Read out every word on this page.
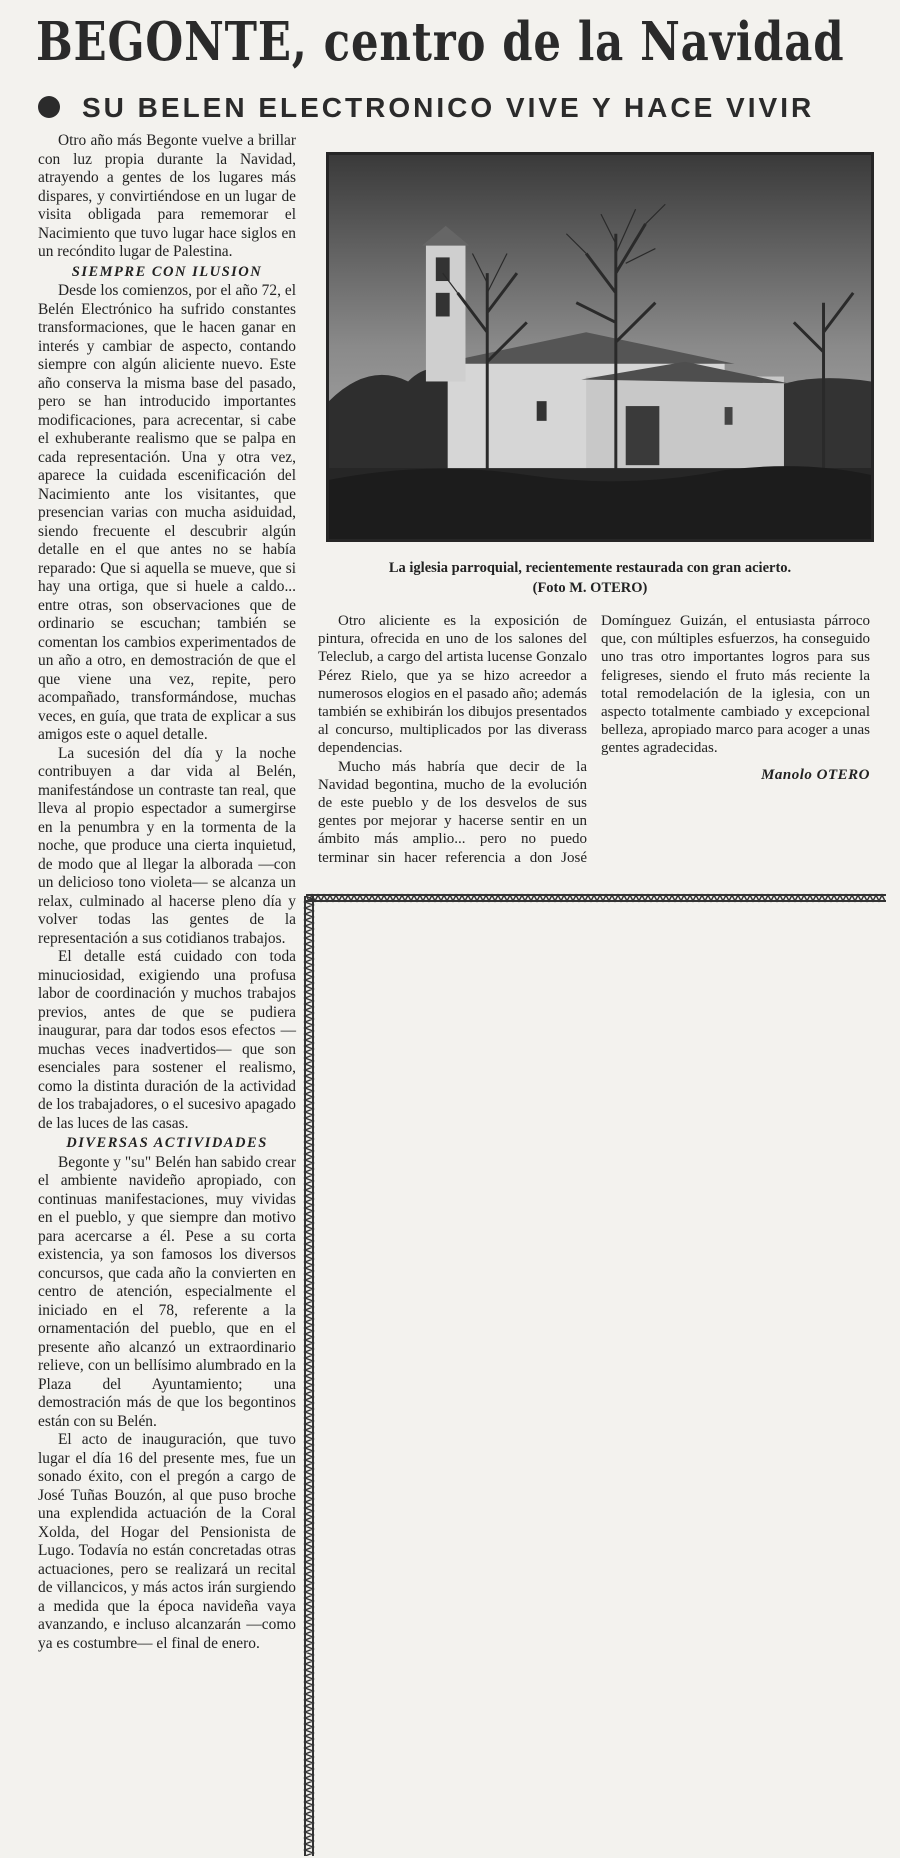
BEGONTE, centro de la Navidad
SU BELEN ELECTRONICO VIVE Y HACE VIVIR

Otro año más Begonte vuelve a brillar con luz propia durante la Navidad, atrayendo a gentes de los lugares más dispares, y convirtiéndose en un lugar de visita obligada para rememorar el Nacimiento que tuvo lugar hace siglos en un recóndito lugar de Palestina.

SIEMPRE CON ILUSION

Desde los comienzos, por el año 72, el Belén Electrónico ha sufrido constantes transformaciones, que le hacen ganar en interés y cambiar de aspecto, contando siempre con algún aliciente nuevo. Este año conserva la misma base del pasado, pero se han introducido importantes modificaciones, para acrecentar, si cabe el exhuberante realismo que se palpa en cada representación. Una y otra vez, aparece la cuidada escenificación del Nacimiento ante los visitantes, que presencian varias con mucha asiduidad, siendo frecuente el descubrir algún detalle en el que antes no se había reparado: Que si aquella se mueve, que si hay una ortiga, que si huele a caldo... entre otras, son observaciones que de ordinario se escuchan; también se comentan los cambios experimentados de un año a otro, en demostración de que el que viene una vez, repite, pero acompañado, transformándose, muchas veces, en guía, que trata de explicar a sus amigos este o aquel detalle.

La sucesión del día y la noche contribuyen a dar vida al Belén, manifestándose un contraste tan real, que lleva al propio espectador a sumergirse en la penumbra y en la tormenta de la noche, que produce una cierta inquietud, de modo que al llegar la alborada —con un delicioso tono violeta— se alcanza un relax, culminado al hacerse pleno día y volver todas las gentes de la representación a sus cotidianos trabajos.

El detalle está cuidado con toda minuciosidad, exigiendo una profusa labor de coordinación y muchos trabajos previos, antes de que se pudiera inaugurar, para dar todos esos efectos —muchas veces inadvertidos— que son esenciales para sostener el realismo, como la distinta duración de la actividad de los trabajadores, o el sucesivo apagado de las luces de las casas.

DIVERSAS ACTIVIDADES

Begonte y "su" Belén han sabido crear el ambiente navideño apropiado, con continuas manifestaciones, muy vividas en el pueblo, y que siempre dan motivo para acercarse a él. Pese a su corta existencia, ya son famosos los diversos concursos, que cada año la convierten en centro de atención, especialmente el iniciado en el 78, referente a la ornamentación del pueblo, que en el presente año alcanzó un extraordinario relieve, con un bellísimo alumbrado en la Plaza del Ayuntamiento; una demostración más de que los begontinos están con su Belén.

El acto de inauguración, que tuvo lugar el día 16 del presente mes, fue un sonado éxito, con el pregón a cargo de José Tuñas Bouzón, al que puso broche una explendida actuación de la Coral Xolda, del Hogar del Pensionista de Lugo. Todavía no están concretadas otras actuaciones, pero se realizará un recital de villancicos, y más actos irán surgiendo a medida que la época navideña vaya avanzando, e incluso alcanzarán —como ya es costumbre— el final de enero.

La iglesia parroquial, recientemente restaurada con gran acierto.
(Foto M. OTERO)

Otro aliciente es la exposición de pintura, ofrecida en uno de los salones del Teleclub, a cargo del artista lucense Gonzalo Pérez Rielo, que ya se hizo acreedor a numerosos elogios en el pasado año; además también se exhibirán los dibujos presentados al concurso, multiplicados por las diverass dependencias.

Mucho más habría que decir de la Navidad begontina, mucho de la evolución de este pueblo y de los desvelos de sus gentes por mejorar y hacerse sentir en un ámbito más amplio... pero no puedo terminar sin hacer referencia a don José Domínguez Guizán, el entusiasta párroco que, con múltiples esfuerzos, ha conseguido uno tras otro importantes logros para sus feligreses, siendo el fruto más reciente la total remodelación de la iglesia, con un aspecto totalmente cambiado y excepcional belleza, apropiado marco para acoger a unas gentes agradecidas.

Manolo OTERO
